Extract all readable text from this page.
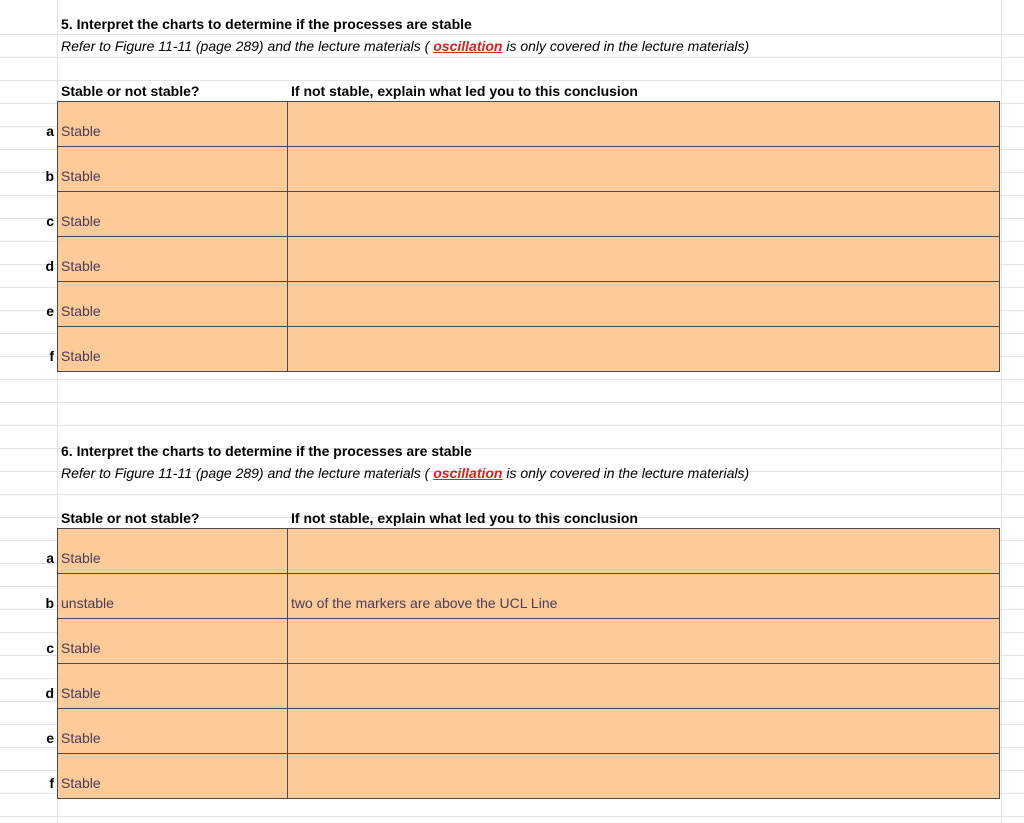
5. Interpret the charts to determine if the processes are stable
Refer to Figure 11-11 (page 289) and the lecture materials ( oscillation is only covered in the lecture materials)
Stable or not stable?	If not stable, explain what led you to this conclusion
a Stable
b Stable
c Stable
d Stable
e Stable
f Stable
6. Interpret the charts to determine if the processes are stable
Refer to Figure 11-11 (page 289) and the lecture materials ( oscillation is only covered in the lecture materials)
Stable or not stable?	If not stable, explain what led you to this conclusion
a Stable
b unstable	two of the markers are above the UCL Line
c Stable
d Stable
e Stable
f Stable
